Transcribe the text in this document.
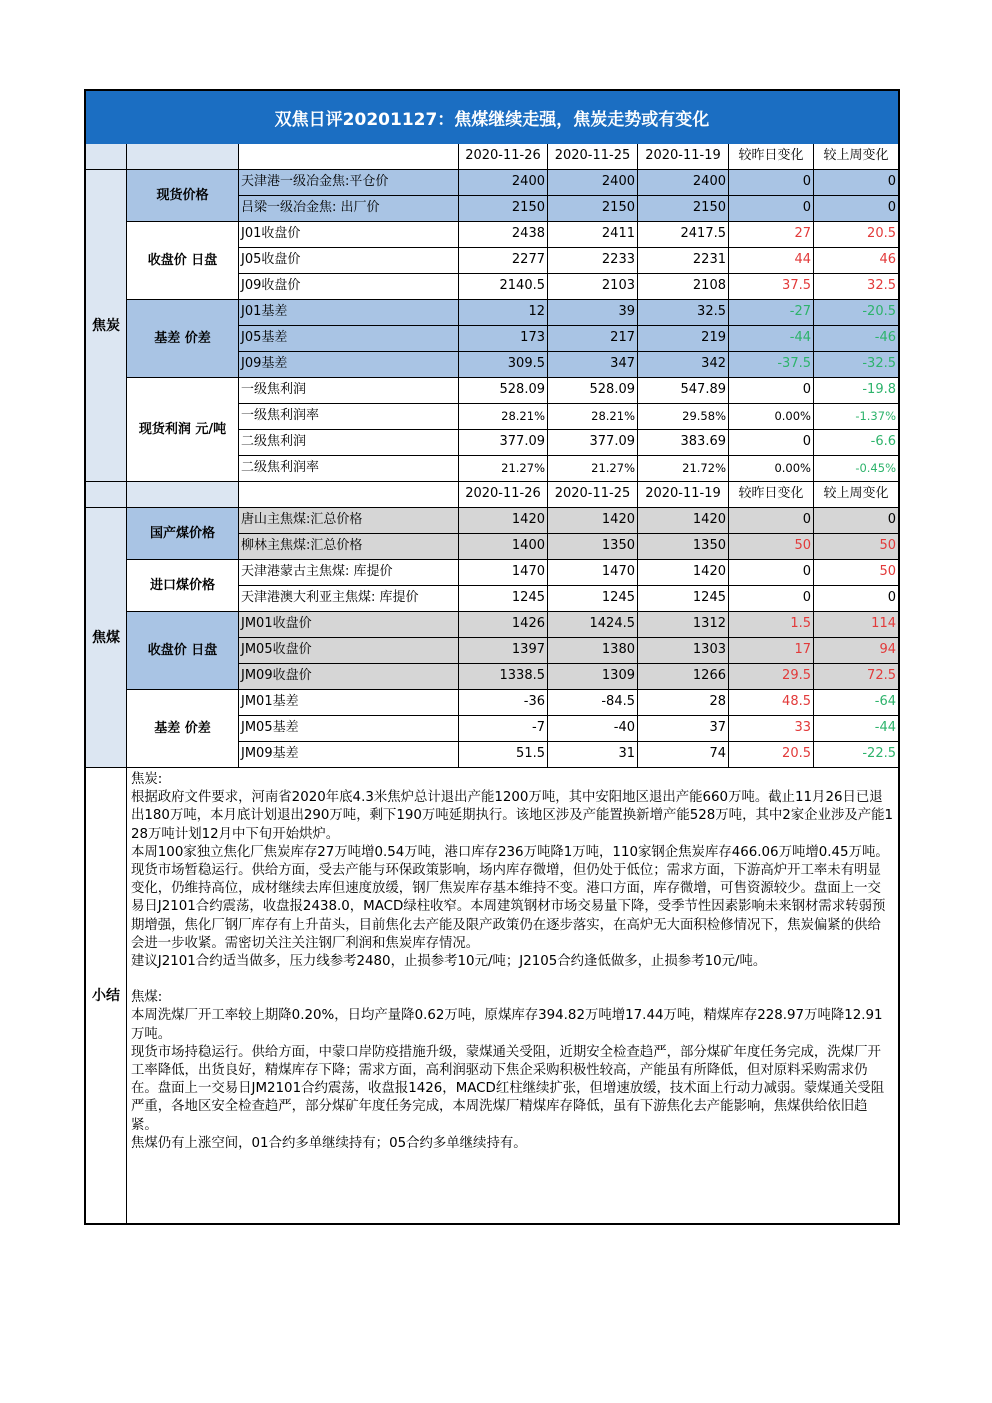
双焦日评20201127：焦煤继续走强，焦炭走势或有变化
2020-11-26	2020-11-25	2020-11-19	较昨日变化	较上周变化
天津港一级冶金焦:平仓价	2400	2400	2400	0	0
吕梁一级冶金焦: 出厂价	2150	2150	2150	0	0
现货价格
J01收盘价	2438	2411	2417.5	27	20.5
J05收盘价	2277	2233	2231	44	46
J09收盘价	2140.5	2103	2108	37.5	32.5
收盘价 日盘
J01基差	12	39	32.5	-27	-20.5
J05基差	173	217	219	-44	-46
J09基差	309.5	347	342	-37.5	-32.5
基差 价差
一级焦利润	528.09	528.09	547.89	0	-19.8
一级焦利润率	28.21%	28.21%	29.58%	0.00%	-1.37%
二级焦利润	377.09	377.09	383.69	0	-6.6
二级焦利润率	21.27%	21.27%	21.72%	0.00%	-0.45%
现货利润 元/吨
焦炭
2020-11-26	2020-11-25	2020-11-19	较昨日变化	较上周变化
唐山主焦煤:汇总价格	1420	1420	1420	0	0
柳林主焦煤:汇总价格	1400	1350	1350	50	50
国产煤价格
天津港蒙古主焦煤: 库提价	1470	1470	1420	0	50
天津港澳大利亚主焦煤: 库提价	1245	1245	1245	0	0
进口煤价格
JM01收盘价	1426	1424.5	1312	1.5	114
JM05收盘价	1397	1380	1303	17	94
JM09收盘价	1338.5	1309	1266	29.5	72.5
收盘价 日盘
JM01基差	-36	-84.5	28	48.5	-64
JM05基差	-7	-40	37	33	-44
JM09基差	51.5	31	74	20.5	-22.5
基差 价差
焦煤
小结

焦炭:

根据政府文件要求，河南省2020年底4.3米焦炉总计退出产能1200万吨，其中安阳地区退出产能660万吨。截止11月26日已退出180万吨，本月底计划退出290万吨，剩下190万吨延期执行。该地区涉及产能置换新增产能528万吨，其中2家企业涉及产能128万吨计划12月中下旬开始烘炉。

本周100家独立焦化厂焦炭库存27万吨增0.54万吨，港口库存236万吨降1万吨，110家钢企焦炭库存466.06万吨增0.45万吨。

现货市场暂稳运行。供给方面，受去产能与环保政策影响，场内库存微增，但仍处于低位；需求方面，下游高炉开工率未有明显变化，仍维持高位，成材继续去库但速度放缓，钢厂焦炭库存基本维持不变。港口方面，库存微增，可售资源较少。盘面上一交易日J2101合约震荡，收盘报2438.0，MACD绿柱收窄。本周建筑钢材市场交易量下降，受季节性因素影响未来钢材需求转弱预期增强，焦化厂钢厂库存有上升苗头，目前焦化去产能及限产政策仍在逐步落实，在高炉无大面积检修情况下，焦炭偏紧的供给会进一步收紧。需密切关注关注钢厂利润和焦炭库存情况。

建议J2101合约适当做多，压力线参考2480，止损参考10元/吨；J2105合约逢低做多，止损参考10元/吨。

焦煤:

本周洗煤厂开工率较上期降0.20%，日均产量降0.62万吨，原煤库存394.82万吨增17.44万吨，精煤库存228.97万吨降12.91万吨。

现货市场持稳运行。供给方面，中蒙口岸防疫措施升级，蒙煤通关受阻，近期安全检查趋严，部分煤矿年度任务完成，洗煤厂开工率降低，出货良好，精煤库存下降；需求方面，高利润驱动下焦企采购积极性较高，产能虽有所降低，但对原料采购需求仍在。盘面上一交易日JM2101合约震荡，收盘报1426，MACD红柱继续扩张，但增速放缓，技术面上行动力减弱。蒙煤通关受阻严重，各地区安全检查趋严，部分煤矿年度任务完成，本周洗煤厂精煤库存降低，虽有下游焦化去产能影响，焦煤供给依旧趋紧。

焦煤仍有上涨空间，01合约多单继续持有；05合约多单继续持有。
